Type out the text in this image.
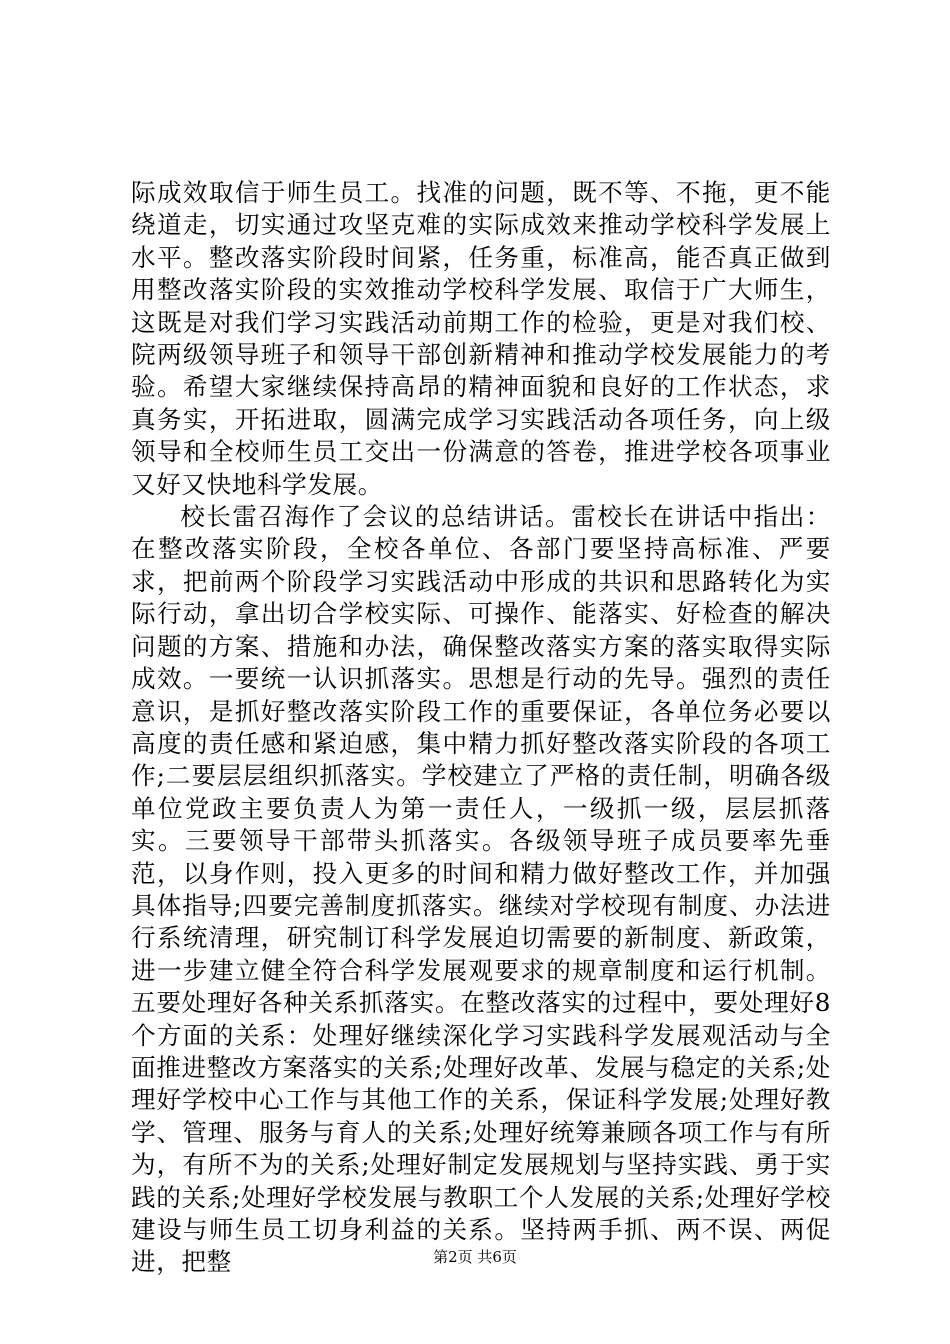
际成效取信于师生员工。找准的问题，既不等、不拖，更不能绕道走，切实通过攻坚克难的实际成效来推动学校科学发展上水平。整改落实阶段时间紧，任务重，标准高，能否真正做到用整改落实阶段的实效推动学校科学发展、取信于广大师生，这既是对我们学习实践活动前期工作的检验，更是对我们校、院两级领导班子和领导干部创新精神和推动学校发展能力的考验。希望大家继续保持高昂的精神面貌和良好的工作状态，求真务实，开拓进取，圆满完成学习实践活动各项任务，向上级领导和全校师生员工交出一份满意的答卷，推进学校各项事业又好又快地科学发展。

校长雷召海作了会议的总结讲话。雷校长在讲话中指出：在整改落实阶段，全校各单位、各部门要坚持高标准、严要求，把前两个阶段学习实践活动中形成的共识和思路转化为实际行动，拿出切合学校实际、可操作、能落实、好检查的解决问题的方案、措施和办法，确保整改落实方案的落实取得实际成效。一要统一认识抓落实。思想是行动的先导。强烈的责任意识，是抓好整改落实阶段工作的重要保证，各单位务必要以高度的责任感和紧迫感，集中精力抓好整改落实阶段的各项工作;二要层层组织抓落实。学校建立了严格的责任制，明确各级单位党政主要负责人为第一责任人，一级抓一级，层层抓落实。三要领导干部带头抓落实。各级领导班子成员要率先垂范，以身作则，投入更多的时间和精力做好整改工作，并加强具体指导;四要完善制度抓落实。继续对学校现有制度、办法进行系统清理，研究制订科学发展迫切需要的新制度、新政策，进一步建立健全符合科学发展观要求的规章制度和运行机制。五要处理好各种关系抓落实。在整改落实的过程中，要处理好8个方面的关系：处理好继续深化学习实践科学发展观活动与全面推进整改方案落实的关系;处理好改革、发展与稳定的关系;处理好学校中心工作与其他工作的关系，保证科学发展;处理好教学、管理、服务与育人的关系;处理好统筹兼顾各项工作与有所为，有所不为的关系;处理好制定发展规划与坚持实践、勇于实践的关系;处理好学校发展与教职工个人发展的关系;处理好学校建设与师生员工切身利益的关系。坚持两手抓、两不误、两促进，把整	第2页 共6页
